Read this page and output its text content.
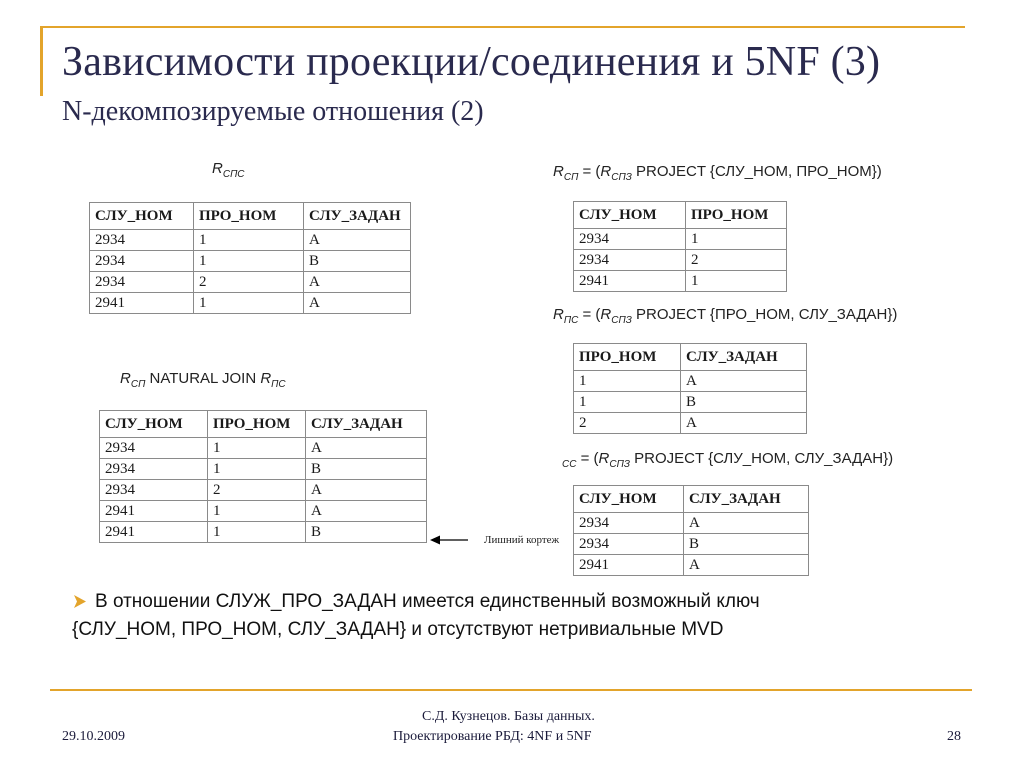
Зависимости проекции/соединения и 5NF (3)
N-декомпозируемые отношения (2)
$R_{СПС}$	$R_{СП} = (R_{СПЗ}$ PROJECT {СЛУ_НОМ, ПРО_НОМ})
$R_{ПС} = (R_{СПЗ}$ PROJECT {ПРО_НОМ, СЛУ_ЗАДАН})
$R_{СП}$ NATURAL JOIN $R_{ПС}$
$_{СС} = (R_{СПЗ}$ PROJECT {СЛУ_НОМ, СЛУ_ЗАДАН})
СЛУ_НОМ	ПРО_НОМ	СЛУ_ЗАДАН
2934	1	A
2934	1	B
2934	2	A
2941	1	A
СЛУ_НОМ	ПРО_НОМ
2934	1
2934	2
2941	1
ПРО_НОМ	СЛУ_ЗАДАН
1	A
1	B
2	A
СЛУ_НОМ	ПРО_НОМ	СЛУ_ЗАДАН
2934	1	A
2934	1	B
2934	2	A
2941	1	A
2941	1	B
Лишний кортеж
СЛУ_НОМ	СЛУ_ЗАДАН
2934	A
2934	B
2941	A
В отношении СЛУЖ_ПРО_ЗАДАН имеется единственный возможный ключ
{СЛУ_НОМ, ПРО_НОМ, СЛУ_ЗАДАН} и отсутствуют нетривиальные MVD
29.10.2009
С.Д. Кузнецов. Базы данных.
Проектирование РБД: 4NF и 5NF	28
